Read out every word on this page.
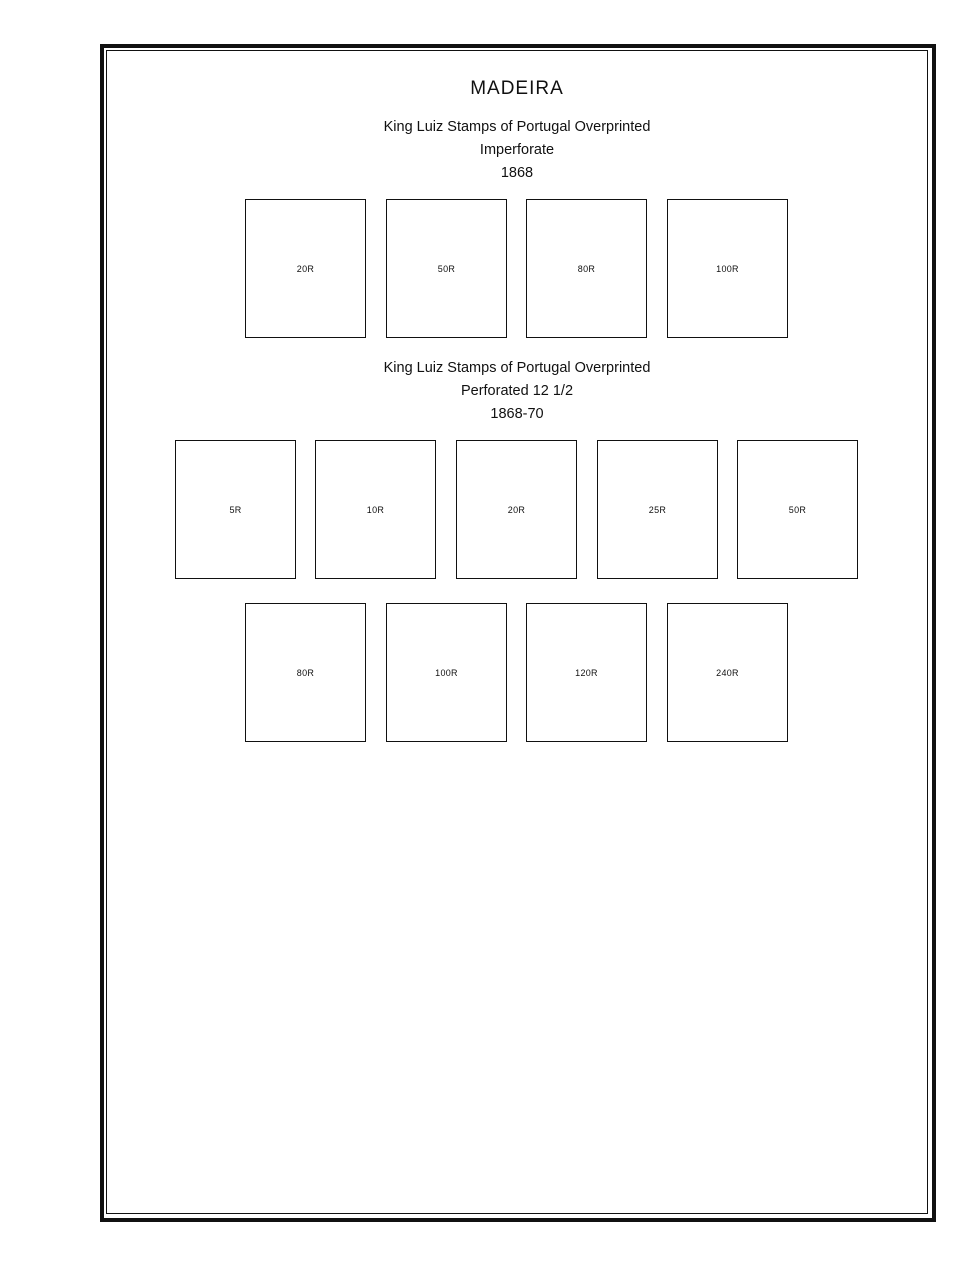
MADEIRA
King Luiz Stamps of Portugal Overprinted
Imperforate
1868
20R	50R	80R	100R
King Luiz Stamps of Portugal Overprinted
Perforated 12 1/2
1868-70
5R	10R	20R	25R	50R
80R	100R	120R	240R
